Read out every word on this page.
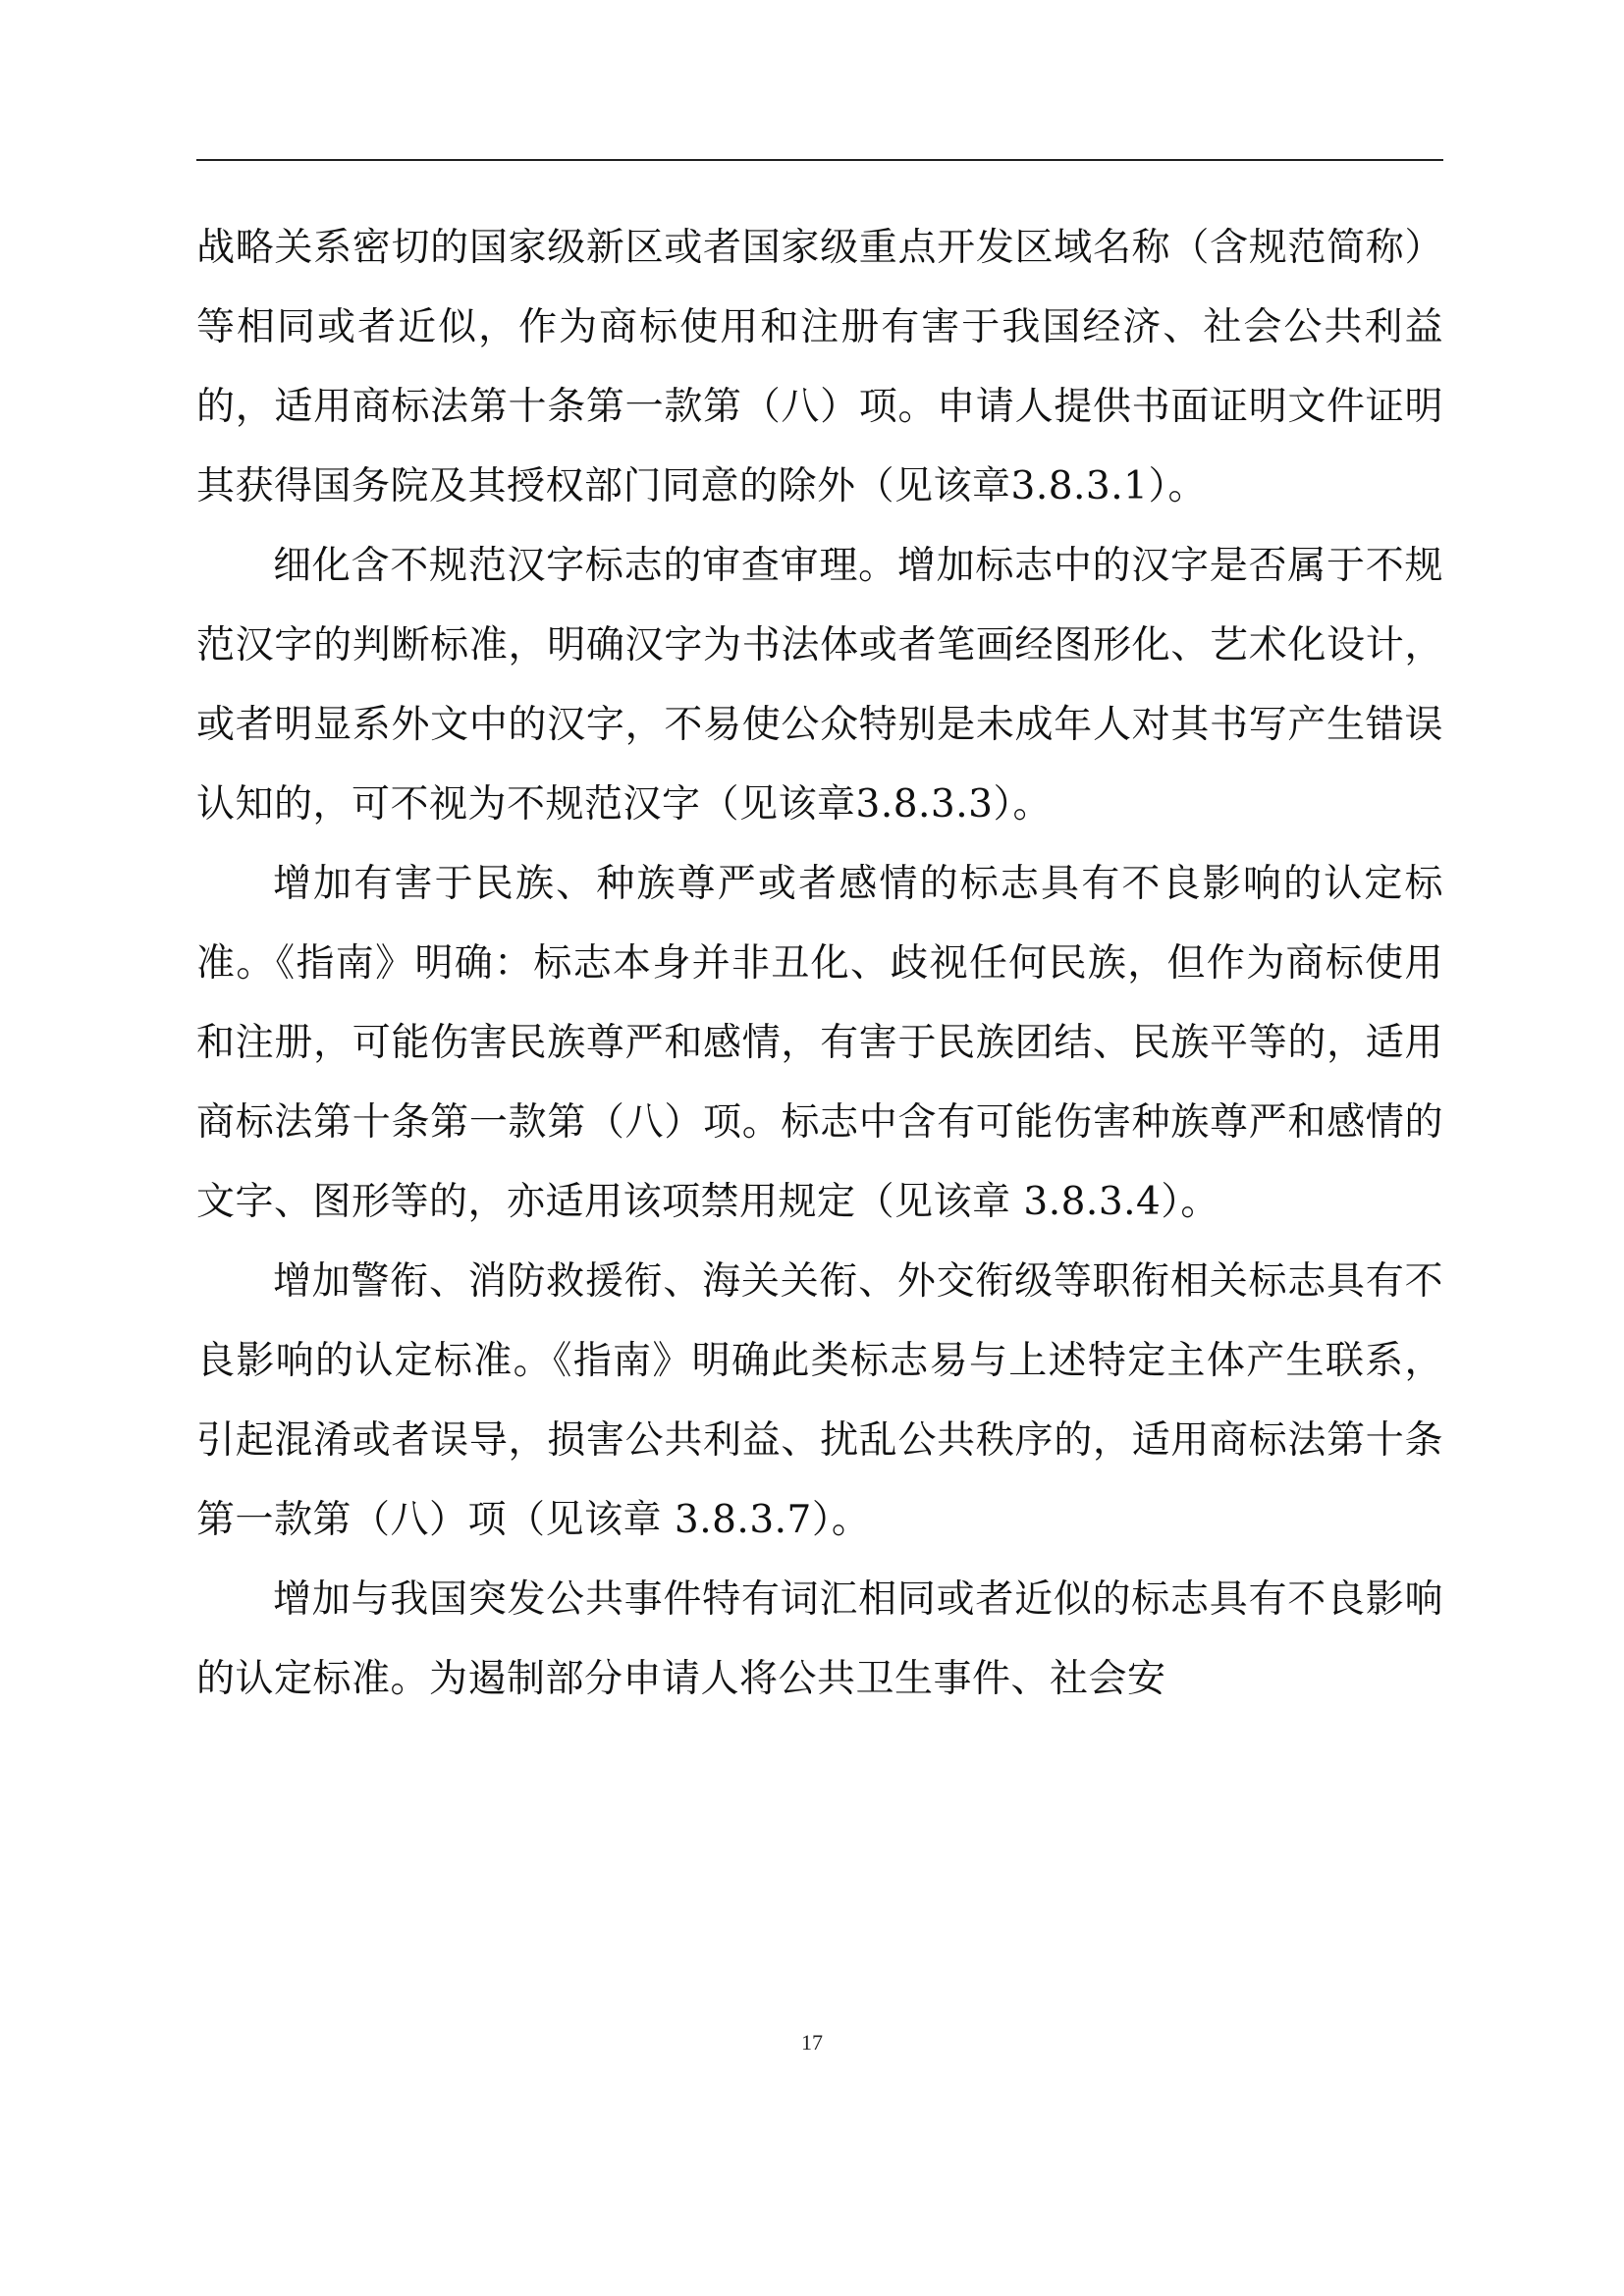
战略关系密切的国家级新区或者国家级重点开发区域名称（含规范简称）等相同或者近似，作为商标使用和注册有害于我国经济、社会公共利益的，适用商标法第十条第一款第（八）项。申请人提供书面证明文件证明其获得国务院及其授权部门同意的除外（见该章3.8.3.1）。

细化含不规范汉字标志的审查审理。增加标志中的汉字是否属于不规范汉字的判断标准，明确汉字为书法体或者笔画经图形化、艺术化设计，或者明显系外文中的汉字，不易使公众特别是未成年人对其书写产生错误认知的，可不视为不规范汉字（见该章3.8.3.3）。

增加有害于民族、种族尊严或者感情的标志具有不良影响的认定标准。《指南》明确：标志本身并非丑化、歧视任何民族，但作为商标使用和注册，可能伤害民族尊严和感情，有害于民族团结、民族平等的，适用商标法第十条第一款第（八）项。标志中含有可能伤害种族尊严和感情的文字、图形等的，亦适用该项禁用规定（见该章 3.8.3.4）。

增加警衔、消防救援衔、海关关衔、外交衔级等职衔相关标志具有不良影响的认定标准。《指南》明确此类标志易与上述特定主体产生联系，引起混淆或者误导，损害公共利益、扰乱公共秩序的，适用商标法第十条第一款第（八）项（见该章 3.8.3.7）。

增加与我国突发公共事件特有词汇相同或者近似的标志具有不良影响的认定标准。为遏制部分申请人将公共卫生事件、社会安

17
